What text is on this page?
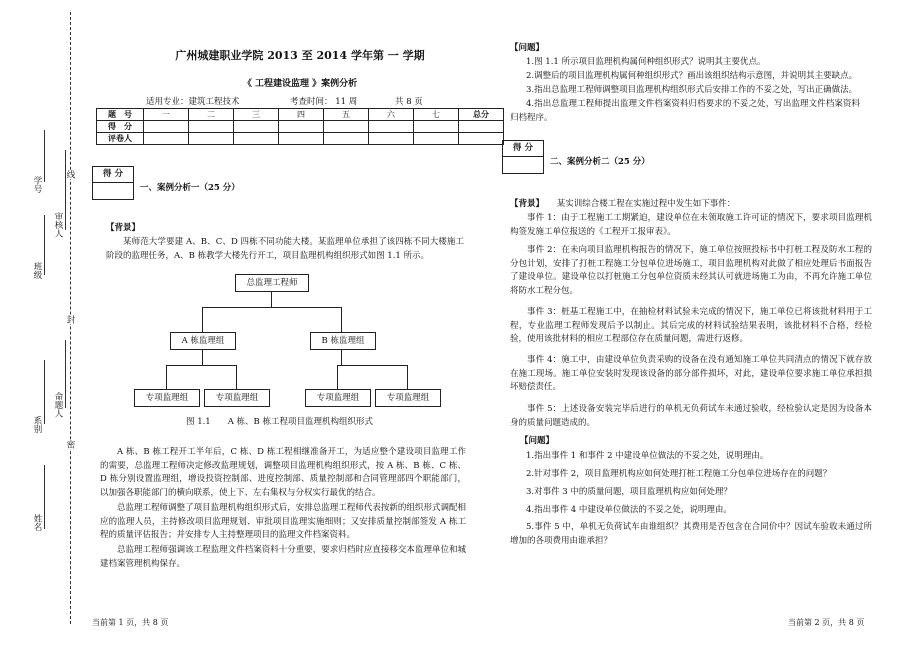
线
封
密
学号
审核人
班级
命题人
系别
姓名
广州城建职业学院 2013 至 2014 学年第 一 学期
《 工程建设监理 》案例分析
适用专业：建筑工程技术	考查时间： 11 周	共 8 页
题　号	一	二	三	四	五	六	七	总分
得　分								
评卷人								
得 分
一、案例分析一（25 分）
【背景】
某师范大学要建 A、B、C、D 四栋不同功能大楼。某监理单位承担了该四栋不同大楼施工阶段的监理任务，A、B 栋教学大楼先行开工，项目监理机构组织形式如图 1.1 所示。
总监理工程师
A 栋监理组	B 栋监理组
专项监理组	专项监理组	专项监理组	专项监理组
图 1.1　　A 栋、B 栋工程项目监理机构组织形式
A 栋、B 栋工程开工半年后，C 栋、D 栋工程相继准备开工，为适应整个建设项目监理工作的需要，总监理工程师决定修改监理规划，调整项目监理机构组织形式，按 A 栋、B 栋、C 栋、D 栋分别设置监理组，增设投资控制部、进度控制部、质量控制部和合同管理部四个职能部门，以加强各职能部门的横向联系，使上下、左右集权与分权实行最优的结合。
总监理工程师调整了项目监理机构组织形式后，安排总监理工程师代表按新的组织形式调配相应的监理人员，主持修改项目监理规划、审批项目监理实施细则；又安排质量控制部签发 A 栋工程的质量评估报告；并安排专人主持整理项目的监理文件档案资料。
总监理工程师强调该工程监理文件档案资料十分重要，要求归档时应直接移交本监理单位和城建档案管理机构保存。
当前第 1 页，共 8 页
【问题】
1.图 1.1 所示项目监理机构属何种组织形式？说明其主要优点。
2.调整后的项目监理机构属何种组织形式？画出该组织结构示意图，并说明其主要缺点。
3.指出总监理工程师调整项目监理机构组织形式后安排工作的不妥之处，写出正确做法。
4.指出总监理工程师提出监理文件档案资料归档要求的不妥之处，写出监理文件档案资料归档程序。
得 分
二、案例分析二（25 分）
【背景】 某实训综合楼工程在实施过程中发生如下事件：
事件 1：由于工程施工工期紧迫，建设单位在未领取施工许可证的情况下，要求项目监理机构签发施工单位报送的《工程开工报审表》。
事件 2：在未向项目监理机构报告的情况下，施工单位按照投标书中打桩工程及防水工程的分包计划，安排了打桩工程施工分包单位进场施工，项目监理机构对此做了相应处理后书面报告了建设单位。建设单位以打桩施工分包单位资质未经其认可就进场施工为由，不再允许施工单位将防水工程分包。
事件 3：桩基工程施工中，在抽检材料试验未完成的情况下，施工单位已将该批材料用于工程，专业监理工程师发现后予以制止。其后完成的材料试验结果表明，该批材料不合格，经检验，使用该批材料的相应工程部位存在质量问题，需进行返修。
事件 4：施工中，由建设单位负责采购的设备在没有通知施工单位共同清点的情况下就存放在施工现场。施工单位安装时发现该设备的部分部件损坏，对此，建设单位要求施工单位承担损坏赔偿责任。
事件 5：上述设备安装完毕后进行的单机无负荷试车未通过验收，经检验认定是因为设备本身的质量问题造成的。
【问题】
1.指出事件 1 和事件 2 中建设单位做法的不妥之处，说明理由。
2.针对事件 2，项目监理机构应如何处理打桩工程施工分包单位进场存在的问题？
3.对事件 3 中的质量问题，项目监理机构应如何处理？
4.指出事件 4 中建设单位做法的不妥之处，说明理由。
5.事件 5 中，单机无负荷试车由谁组织？其费用是否包含在合同价中？因试车验收未通过所增加的各项费用由谁承担？
当前第 2 页，共 8 页
